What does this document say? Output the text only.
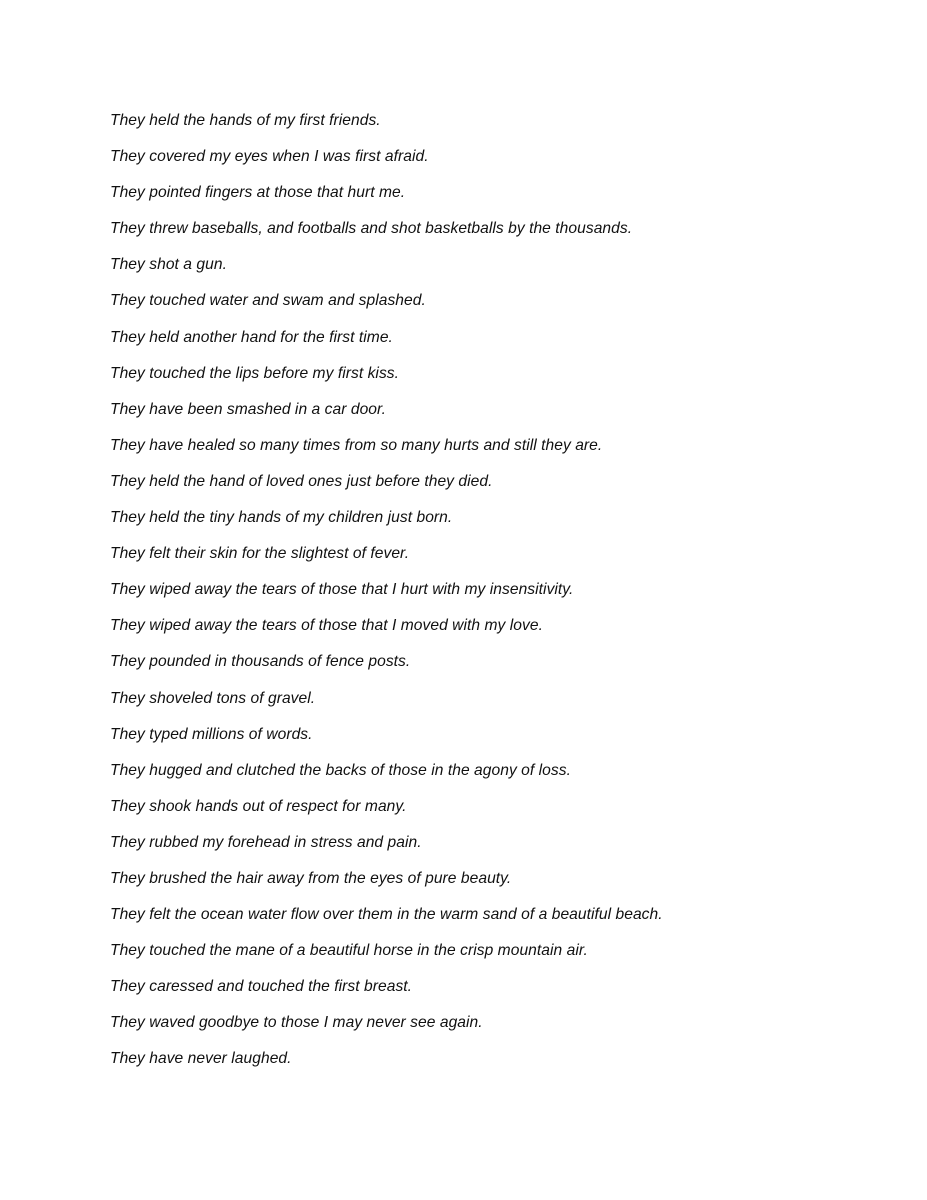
They held the hands of my first friends.
They covered my eyes when I was first afraid.
They pointed fingers at those that hurt me.
They threw baseballs, and footballs and shot basketballs by the thousands.
They shot a gun.
They touched water and swam and splashed.
They held another hand for the first time.
They touched the lips before my first kiss.
They have been smashed in a car door.
They have healed so many times from so many hurts and still they are.
They held the hand of loved ones just before they died.
They held the tiny hands of my children just born.
They felt their skin for the slightest of fever.
They wiped away the tears of those that I hurt with my insensitivity.
They wiped away the tears of those that I moved with my love.
They pounded in thousands of fence posts.
They shoveled tons of gravel.
They typed millions of words.
They hugged and clutched the backs of those in the agony of loss.
They shook hands out of respect for many.
They rubbed my forehead in stress and pain.
They brushed the hair away from the eyes of pure beauty.
They felt the ocean water flow over them in the warm sand of a beautiful beach.
They touched the mane of a beautiful horse in the crisp mountain air.
They caressed and touched the first breast.
They waved goodbye to those I may never see again.
They have never laughed.
